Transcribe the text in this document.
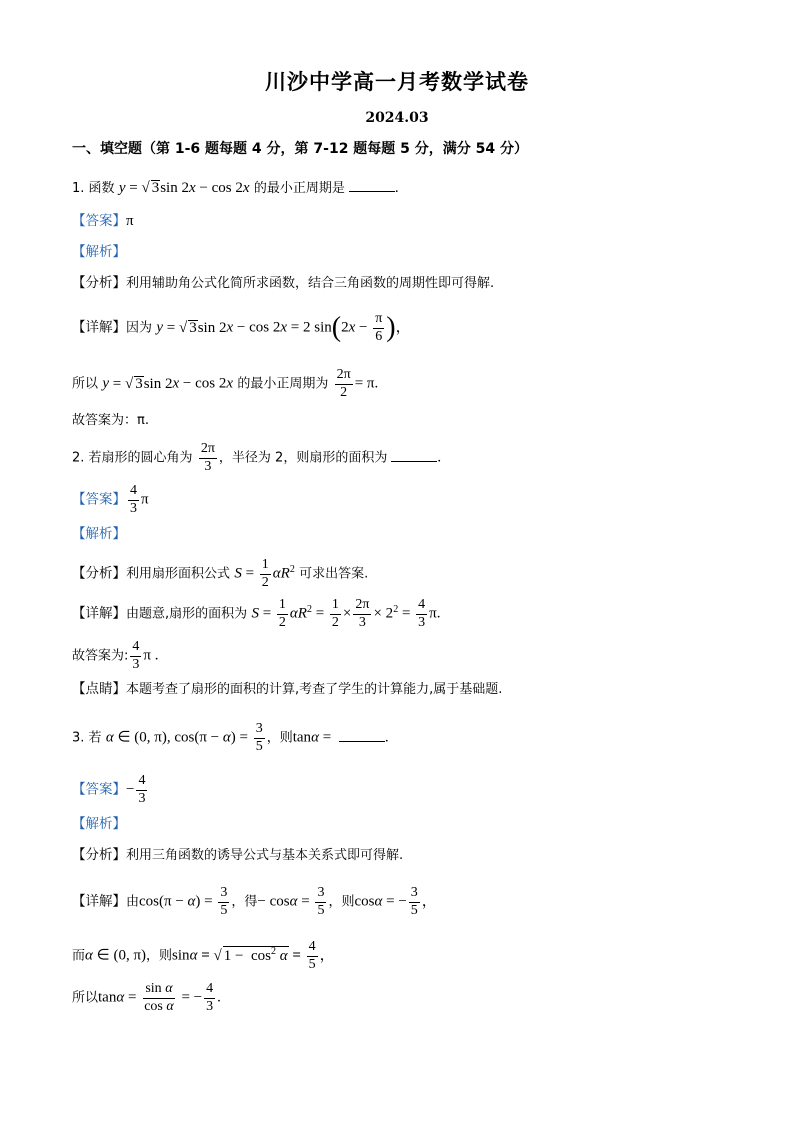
川沙中学高一月考数学试卷
2024.03
一、填空题（第 1-6 题每题 4 分，第 7-12 题每题 5 分，满分 54 分）
1. 函数 y = √ 3sin 2x − cos 2x 的最小正周期是	.
【答案】π
【解析】
【分析】利用辅助角公式化简所求函数，结合三角函数的周期性即可得解.
【详解】因为 y = √ 3sin 2x − cos 2x = 2 $\sin(2x - \frac{\pi}{6}$ )，
所以 y = √ 3sin 2x − cos 2x 的最小正周期为 $\frac{2\pi}{2} = \pi$.
故答案为：π.
2. 若扇形的圆心角为 $\frac{2\pi}{3}$ ，半径为 2，则扇形的面积为	.
【答案】 $\frac{4}{3}$ π
【解析】
【分析】利用扇形面积公式 $S = \frac{1}{2} \alpha R^2$ 可求出答案.
【详解】由题意,扇形的面积为 $S = \frac{1}{2} \alpha R^2 = \frac{1}{2} \times \frac{2\pi}{3} \times 2^2 = \frac{4}{3} \pi$.
故答案为: $\frac{4}{3}$ π .
【点睛】本题考查了扇形的面积的计算,考查了学生的计算能力,属于基础题.
3. 若 α ∈ (0, π), $\cos(\pi - \alpha) = \frac{3}{5}$ ，则tanα =	.
【答案】− $\frac{4}{3}$
【解析】
【分析】利用三角函数的诱导公式与基本关系式即可得解.
【详解】由$\cos(\pi - \alpha) = \frac{3}{5}$ ，得− $\cos\alpha = \frac{3}{5}$ ，则cosα = − $\frac{3}{5}$ ，
而α ∈ (0, π)，则sinα = √ $1 - \cos^2 \alpha = \frac{4}{5}$ ，
所以$\tan\alpha = \frac{\text{sin α}}{\text{cos α}}$ = − $\frac{4}{3}$ .
